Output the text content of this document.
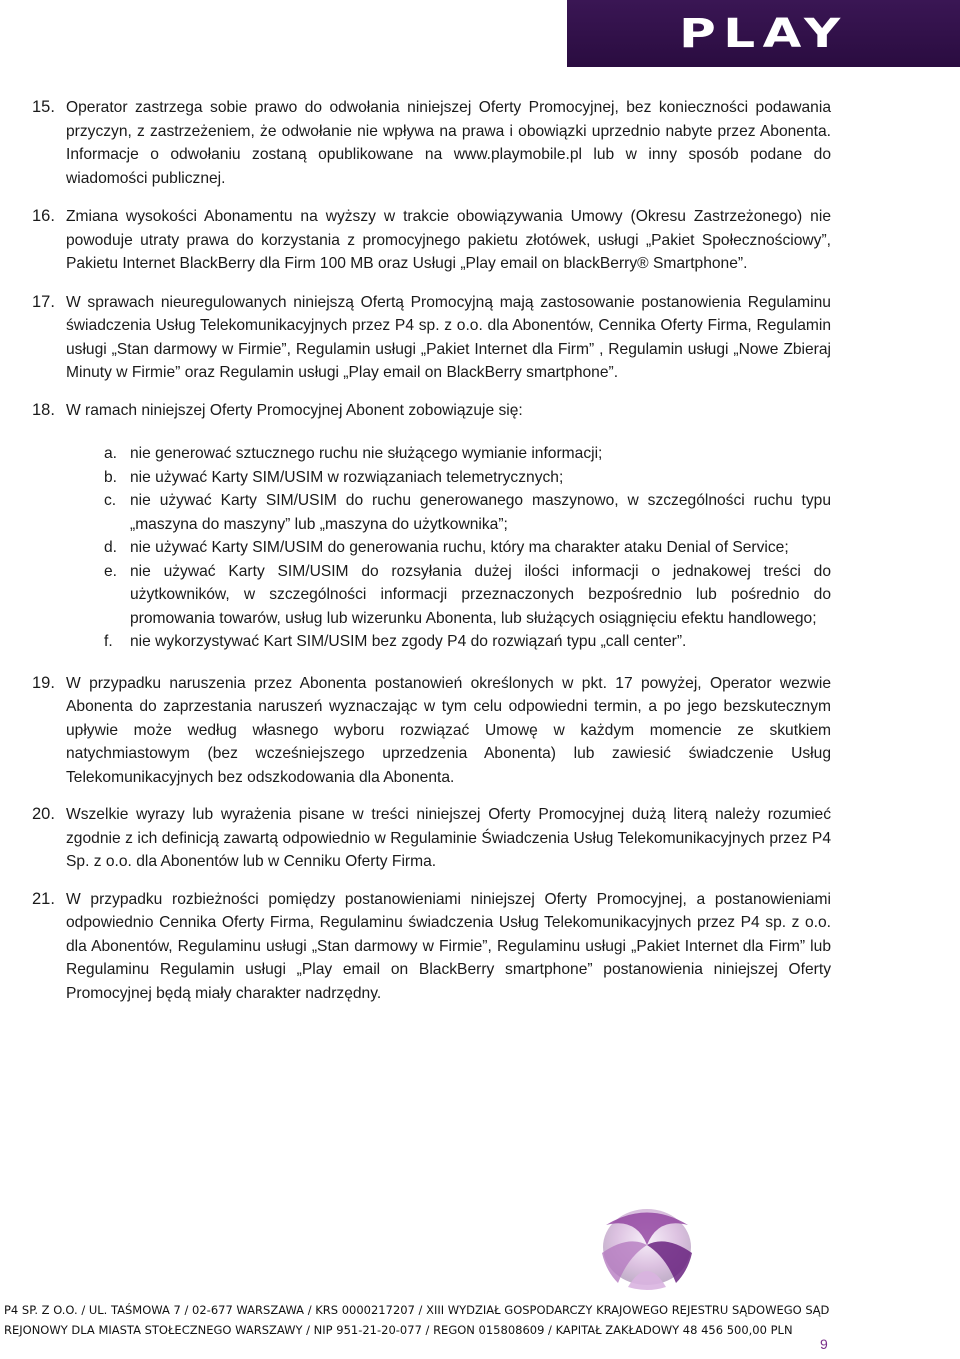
PLAY
15. Operator zastrzega sobie prawo do odwołania niniejszej Oferty Promocyjnej, bez konieczności podawania przyczyn, z zastrzeżeniem, że odwołanie nie wpływa na prawa i obowiązki uprzednio nabyte przez Abonenta. Informacje o odwołaniu zostaną opublikowane na www.playmobile.pl lub w inny sposób podane do wiadomości publicznej.
16. Zmiana wysokości Abonamentu na wyższy w trakcie obowiązywania Umowy (Okresu Zastrzeżonego) nie powoduje utraty prawa do korzystania z promocyjnego pakietu złotówek, usługi „Pakiet Społecznościowy”, Pakietu Internet BlackBerry dla Firm 100 MB oraz Usługi „Play email on blackBerry® Smartphone”.
17. W sprawach nieuregulowanych niniejszą Ofertą Promocyjną mają zastosowanie postanowienia Regulaminu świadczenia Usług Telekomunikacyjnych przez P4 sp. z o.o. dla Abonentów, Cennika Oferty Firma, Regulamin usługi „Stan darmowy w Firmie”, Regulamin usługi „Pakiet Internet dla Firm” , Regulamin usługi „Nowe Zbieraj Minuty w Firmie” oraz Regulamin usługi „Play email on BlackBerry smartphone”.
18. W ramach niniejszej Oferty Promocyjnej Abonent zobowiązuje się:
a. nie generować sztucznego ruchu nie służącego wymianie informacji;
b. nie używać Karty SIM/USIM w rozwiązaniach telemetrycznych;
c. nie używać Karty SIM/USIM do ruchu generowanego maszynowo, w szczególności ruchu typu „maszyna do maszyny” lub „maszyna do użytkownika”;
d. nie używać Karty SIM/USIM do generowania ruchu, który ma charakter ataku Denial of Service;
e. nie używać Karty SIM/USIM do rozsyłania dużej ilości informacji o jednakowej treści do użytkowników, w szczególności informacji przeznaczonych bezpośrednio lub pośrednio do promowania towarów, usług lub wizerunku Abonenta, lub służących osiągnięciu efektu handlowego;
f. nie wykorzystywać Kart SIM/USIM bez zgody P4 do rozwiązań typu „call center”.
19. W przypadku naruszenia przez Abonenta postanowień określonych w pkt. 17 powyżej, Operator wezwie Abonenta do zaprzestania naruszeń wyznaczając w tym celu odpowiedni termin, a po jego bezskutecznym upływie może według własnego wyboru rozwiązać Umowę w każdym momencie ze skutkiem natychmiastowym (bez wcześniejszego uprzedzenia Abonenta) lub zawiesić świadczenie Usług Telekomunikacyjnych bez odszkodowania dla Abonenta.
20. Wszelkie wyrazy lub wyrażenia pisane w treści niniejszej Oferty Promocyjnej dużą literą należy rozumieć zgodnie z ich definicją zawartą odpowiednio w Regulaminie Świadczenia Usług Telekomunikacyjnych przez P4 Sp. z o.o. dla Abonentów lub w Cenniku Oferty Firma.
21. W przypadku rozbieżności pomiędzy postanowieniami niniejszej Oferty Promocyjnej, a postanowieniami odpowiednio Cennika Oferty Firma, Regulaminu świadczenia Usług Telekomunikacyjnych przez P4 sp. z o.o. dla Abonentów, Regulaminu usługi „Stan darmowy w Firmie”, Regulaminu usługi „Pakiet Internet dla Firm” lub Regulaminu Regulamin usługi „Play email on BlackBerry smartphone” postanowienia niniejszej Oferty Promocyjnej będą miały charakter nadrzędny.
P4 SP. Z O.O. / UL. TAŚMOWA 7 / 02-677 WARSZAWA / KRS 0000217207 / XIII WYDZIAŁ GOSPODARCZY KRAJOWEGO REJESTRU SĄDOWEGO SĄD
REJONOWY DLA MIASTA STOŁECZNEGO WARSZAWY / NIP 951-21-20-077 / REGON 015808609 / KAPITAŁ ZAKŁADOWY 48 456 500,00 PLN
9
